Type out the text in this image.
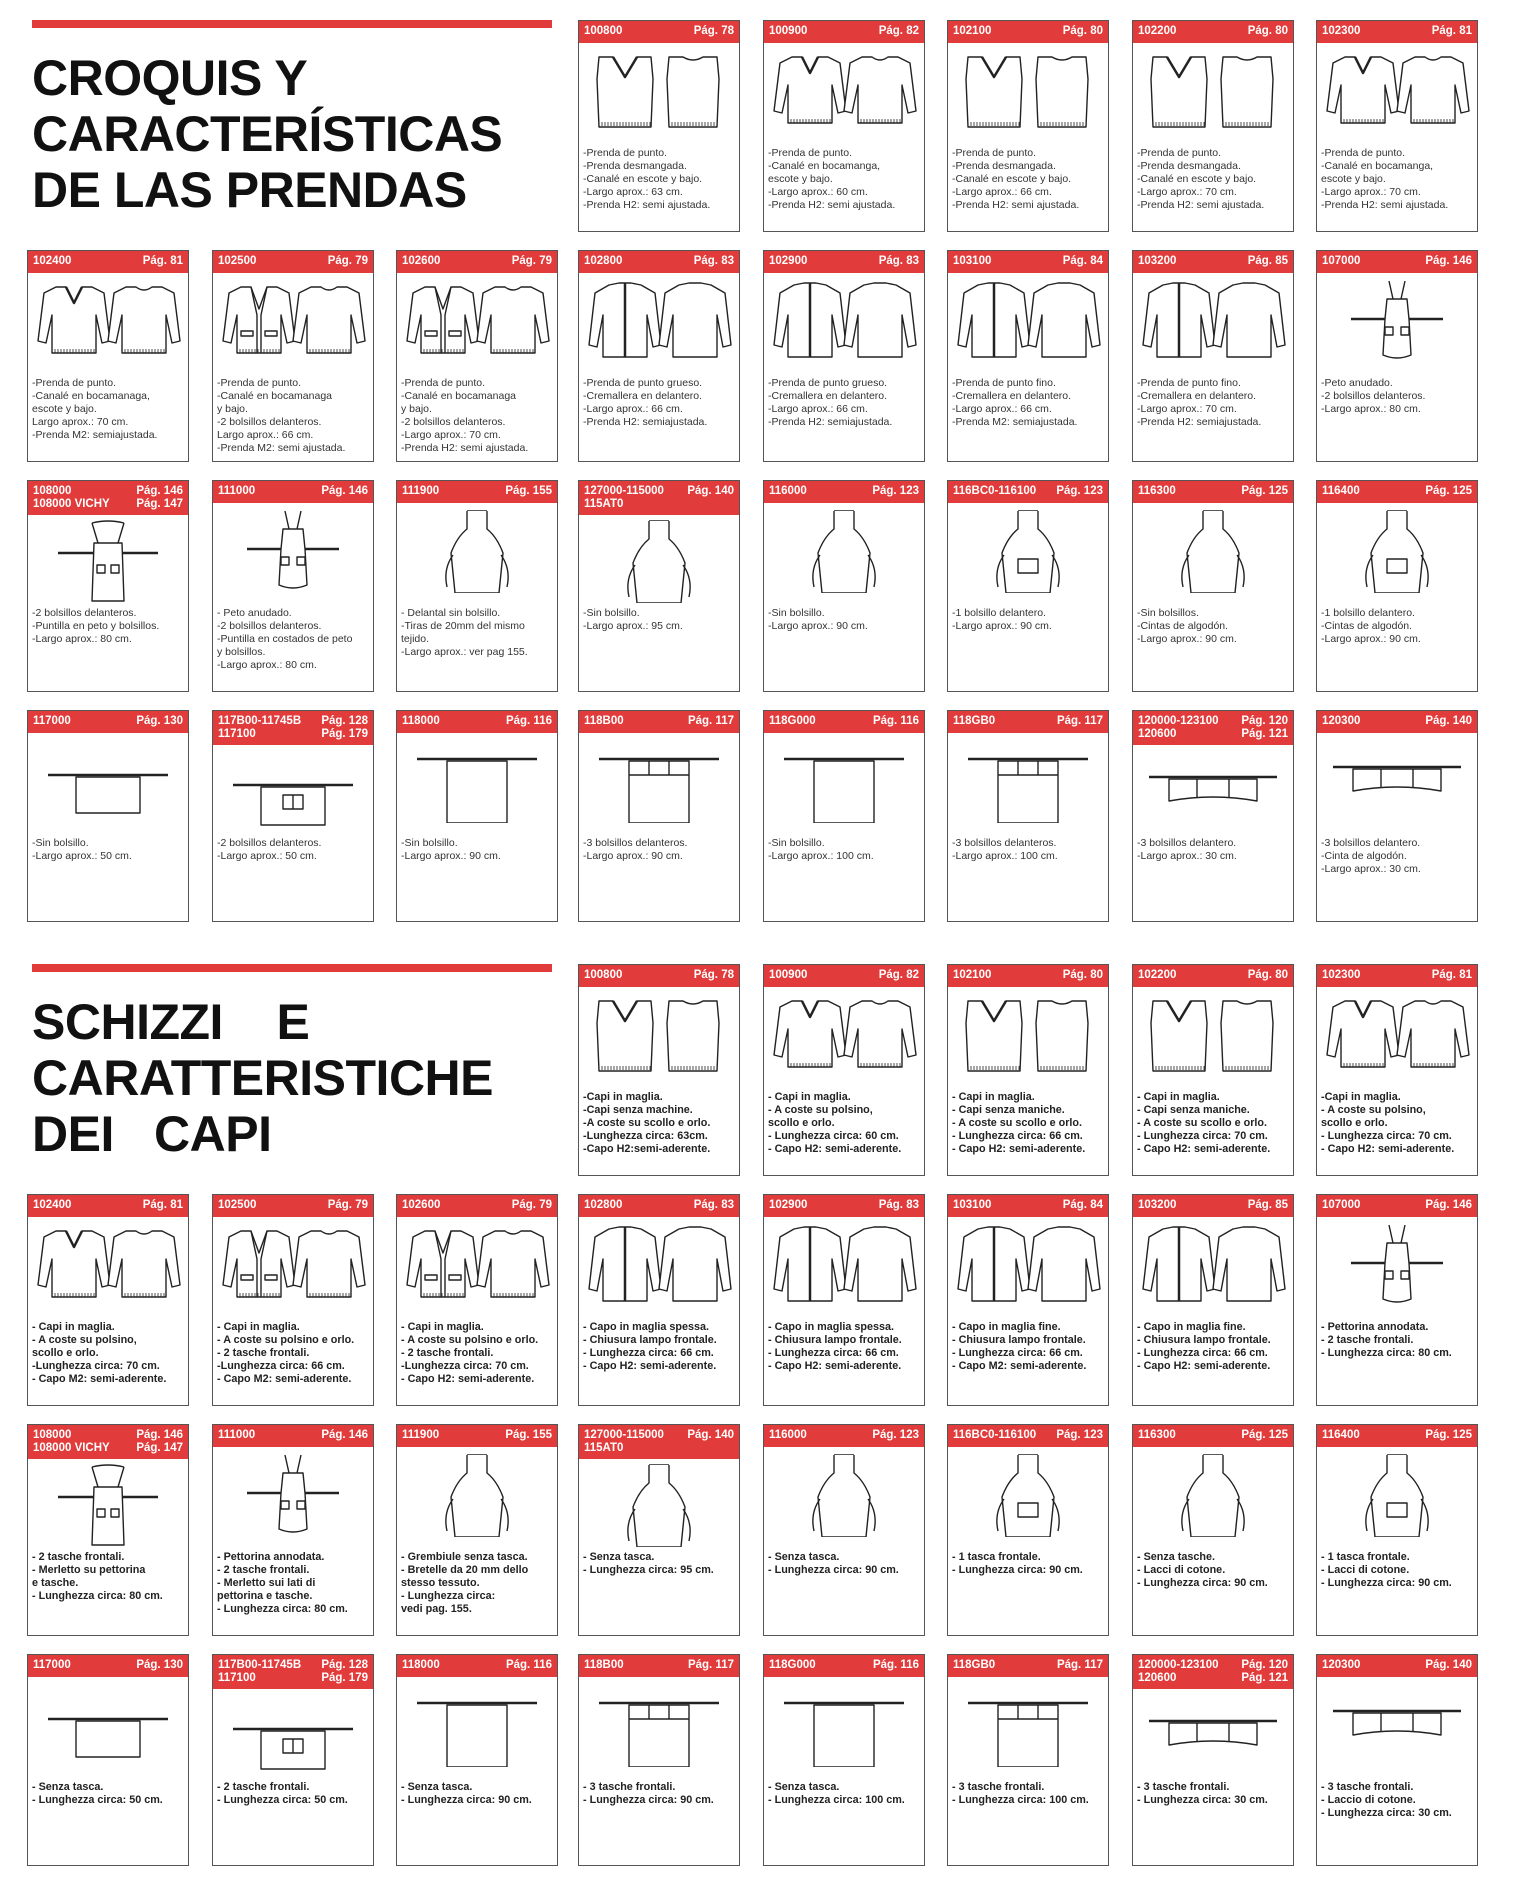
CROQUIS Y
CARACTERÍSTICAS
DE LAS PRENDAS
100800	Pág. 78
-Prenda de punto.
-Prenda desmangada.
-Canalé en escote y bajo.
-Largo aprox.: 63 cm.
-Prenda H2: semi ajustada.
100900	Pág. 82
-Prenda de punto.
-Canalé en bocamanga,
escote y bajo.
-Largo aprox.: 60 cm.
-Prenda H2: semi ajustada.
102100	Pág. 80
-Prenda de punto.
-Prenda desmangada.
-Canalé en escote y bajo.
-Largo aprox.: 66 cm.
-Prenda H2: semi ajustada.
102200	Pág. 80
-Prenda de punto.
-Prenda desmangada.
-Canalé en escote y bajo.
-Largo aprox.: 70 cm.
-Prenda H2: semi ajustada.
102300	Pág. 81
-Prenda de punto.
-Canalé en bocamanga,
escote y bajo.
-Largo aprox.: 70 cm.
-Prenda H2: semi ajustada.
102400	Pág. 81
-Prenda de punto.
-Canalé en bocamanaga,
escote y bajo.
Largo aprox.: 70 cm.
-Prenda M2: semiajustada.
102500	Pág. 79
-Prenda de punto.
-Canalé en bocamanaga
y bajo.
-2 bolsillos delanteros.
Largo aprox.: 66 cm.
-Prenda M2: semi ajustada.
102600	Pág. 79
-Prenda de punto.
-Canalé en bocamanaga
y bajo.
-2 bolsillos delanteros.
-Largo aprox.: 70 cm.
-Prenda H2: semi ajustada.
102800	Pág. 83
-Prenda de punto grueso.
-Cremallera en delantero.
-Largo aprox.: 66 cm.
-Prenda H2: semiajustada.
102900	Pág. 83
-Prenda de punto grueso.
-Cremallera en delantero.
-Largo aprox.: 66 cm.
-Prenda H2: semiajustada.
103100	Pág. 84
-Prenda de punto fino.
-Cremallera en delantero.
-Largo aprox.: 66 cm.
-Prenda M2: semiajustada.
103200	Pág. 85
-Prenda de punto fino.
-Cremallera en delantero.
-Largo aprox.: 70 cm.
-Prenda H2: semiajustada.
107000	Pág. 146
-Peto anudado.
-2 bolsillos delanteros.
-Largo aprox.: 80 cm.
108000
108000 VICHY
Pág. 146
Pág. 147
-2 bolsillos delanteros.
-Puntilla en peto y bolsillos.
-Largo aprox.: 80 cm.
111000	Pág. 146
- Peto anudado.
-2 bolsillos delanteros.
-Puntilla en costados de peto
y bolsillos.
-Largo aprox.: 80 cm.
111900	Pág. 155
- Delantal sin bolsillo.
-Tiras de 20mm del mismo
tejido.
-Largo aprox.: ver pag 155.
127000-115000
115AT0
Pág. 140
-Sin bolsillo.
-Largo aprox.: 95 cm.
116000	Pág. 123
-Sin bolsillo.
-Largo aprox.: 90 cm.
116BC0-116100 Pág. 123
-1 bolsillo delantero.
-Largo aprox.: 90 cm.
116300	Pág. 125
-Sin bolsillos.
-Cintas de algodón.
-Largo aprox.: 90 cm.
116400	Pág. 125
-1 bolsillo delantero.
-Cintas de algodón.
-Largo aprox.: 90 cm.
117000	Pág. 130
-Sin bolsillo.
-Largo aprox.: 50 cm.
117B00-11745B
117100
Pág. 128
Pág. 179
-2 bolsillos delanteros.
-Largo aprox.: 50 cm.
118000	Pág. 116
-Sin bolsillo.
-Largo aprox.: 90 cm.
118B00	Pág. 117
-3 bolsillos delanteros.
-Largo aprox.: 90 cm.
118G000	Pág. 116
-Sin bolsillo.
-Largo aprox.: 100 cm.
118GB0	Pág. 117
-3 bolsillos delanteros.
-Largo aprox.: 100 cm.
120000-123100
120600
Pág. 120
Pág. 121
-3 bolsillos delantero.
-Largo aprox.: 30 cm.
120300	Pág. 140
-3 bolsillos delantero.
-Cinta de algodón.
-Largo aprox.: 30 cm.
SCHIZZI    E
CARATTERISTICHE
DEI   CAPI
100800	Pág. 78
-Capi in maglia.
-Capi senza machine.
-A coste su scollo e orlo.
-Lunghezza circa: 63cm.
-Capo H2:semi-aderente.
100900	Pág. 82
- Capi in maglia.
- A coste su polsino,
scollo e orlo.
- Lunghezza circa: 60 cm.
- Capo H2: semi-aderente.
102100	Pág. 80
- Capi in maglia.
- Capi senza maniche.
- A coste su scollo e orlo.
- Lunghezza circa: 66 cm.
- Capo H2: semi-aderente.
102200	Pág. 80
- Capi in maglia.
- Capi senza maniche.
- A coste su scollo e orlo.
- Lunghezza circa: 70 cm.
- Capo H2: semi-aderente.
102300	Pág. 81
-Capi in maglia.
- A coste su polsino,
scollo e orlo.
- Lunghezza circa: 70 cm.
- Capo H2: semi-aderente.
102400	Pág. 81
- Capi in maglia.
- A coste su polsino,
scollo e orlo.
-Lunghezza circa: 70 cm.
- Capo M2: semi-aderente.
102500	Pág. 79
- Capi in maglia.
- A coste su polsino e orlo.
- 2 tasche frontali.
-Lunghezza circa: 66 cm.
- Capo M2: semi-aderente.
102600	Pág. 79
- Capi in maglia.
- A coste su polsino e orlo.
- 2 tasche frontali.
-Lunghezza circa: 70 cm.
- Capo H2: semi-aderente.
102800	Pág. 83
- Capo in maglia spessa.
- Chiusura lampo frontale.
- Lunghezza circa: 66 cm.
- Capo H2: semi-aderente.
102900	Pág. 83
- Capo in maglia spessa.
- Chiusura lampo frontale.
- Lunghezza circa: 66 cm.
- Capo H2: semi-aderente.
103100	Pág. 84
- Capo in maglia fine.
- Chiusura lampo frontale.
- Lunghezza circa: 66 cm.
- Capo M2: semi-aderente.
103200	Pág. 85
- Capo in maglia fine.
- Chiusura lampo frontale.
- Lunghezza circa: 66 cm.
- Capo H2: semi-aderente.
107000	Pág. 146
- Pettorina annodata.
- 2 tasche frontali.
- Lunghezza circa: 80 cm.
108000
108000 VICHY
Pág. 146
Pág. 147
- 2 tasche frontali.
- Merletto su pettorina
e tasche.
- Lunghezza circa: 80 cm.
111000	Pág. 146
- Pettorina annodata.
- 2 tasche frontali.
- Merletto sui lati di
pettorina e tasche.
- Lunghezza circa: 80 cm.
111900	Pág. 155
- Grembiule senza tasca.
- Bretelle da 20 mm dello
stesso tessuto.
- Lunghezza circa:
vedi pag. 155.
127000-115000
115AT0
Pág. 140
- Senza tasca.
- Lunghezza circa: 95 cm.
116000	Pág. 123
- Senza tasca.
- Lunghezza circa: 90 cm.
116BC0-116100 Pág. 123
- 1 tasca frontale.
- Lunghezza circa: 90 cm.
116300	Pág. 125
- Senza tasche.
- Lacci di cotone.
- Lunghezza circa: 90 cm.
116400	Pág. 125
- 1 tasca frontale.
- Lacci di cotone.
- Lunghezza circa: 90 cm.
117000	Pág. 130
- Senza tasca.
- Lunghezza circa: 50 cm.
117B00-11745B
117100
Pág. 128
Pág. 179
- 2 tasche frontali.
- Lunghezza circa: 50 cm.
118000	Pág. 116
- Senza tasca.
- Lunghezza circa: 90 cm.
118B00	Pág. 117
- 3 tasche frontali.
- Lunghezza circa: 90 cm.
118G000	Pág. 116
- Senza tasca.
- Lunghezza circa: 100 cm.
118GB0	Pág. 117
- 3 tasche frontali.
- Lunghezza circa: 100 cm.
120000-123100
120600
Pág. 120
Pág. 121
- 3 tasche frontali.
- Lunghezza circa: 30 cm.
120300	Pág. 140
- 3 tasche frontali.
- Laccio di cotone.
- Lunghezza circa: 30 cm.
